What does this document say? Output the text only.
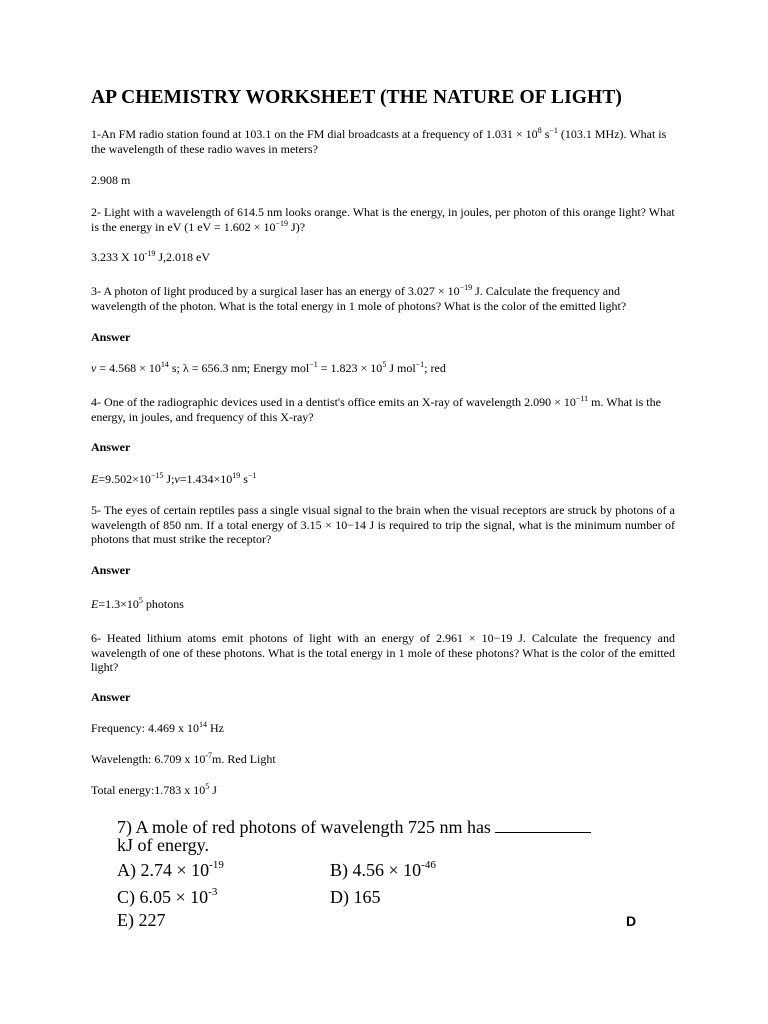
AP CHEMISTRY WORKSHEET (THE NATURE OF LIGHT)

1-An FM radio station found at 103.1 on the FM dial broadcasts at a frequency of $1.031 \times 10^8$ $s^{-1}$ (103.1 MHz). What is the wavelength of these radio waves in meters?

2.908 m

2- Light with a wavelength of 614.5 nm looks orange. What is the energy, in joules, per photon of this orange light? What is the energy in eV (1 eV = $1.602 \times 10^{-19}$ J)?

3.233 X $10^{-19}$ J,2.018 eV

3- A photon of light produced by a surgical laser has an energy of $3.027 \times 10^{-19}$ J. Calculate the frequency and wavelength of the photon. What is the total energy in 1 mole of photons? What is the color of the emitted light?

Answer

$v = 4.568 \times 10^{14}$ s; λ = 656.3 nm; Energy $mol^{-1} = 1.823 \times 10^5$ J mol$^{-1}$; red

4- One of the radiographic devices used in a dentist's office emits an X-ray of wavelength $2.090 \times 10^{-11}$ m. What is the energy, in joules, and frequency of this X-ray?

Answer

$E=9.502\times 10^{-15}$ $J;v=1.434\times 10^{19}$ $s^{-1}$

5- The eyes of certain reptiles pass a single visual signal to the brain when the visual receptors are struck by photons of a wavelength of 850 nm. If a total energy of 3.15 × 10−14 J is required to trip the signal, what is the minimum number of photons that must strike the receptor?

Answer

$E=1.3\times 10^5$ photons

6- Heated lithium atoms emit photons of light with an energy of 2.961 × 10−19 J. Calculate the frequency and wavelength of one of these photons. What is the total energy in 1 mole of these photons? What is the color of the emitted light?

Answer

Frequency: 4.469 x $10^{14}$ Hz

Wavelength: 6.709 x $10^{-7}m$. Red Light

Total energy:1.783 x $10^5$ J

7) A mole of red photons of wavelength 725 nm has
kJ of energy.
A) $2.74 \times 10^{-19}$	B) $4.56 \times 10^{-46}$
C) $6.05 \times 10^{-3}$	D) 165
E) 227	D
